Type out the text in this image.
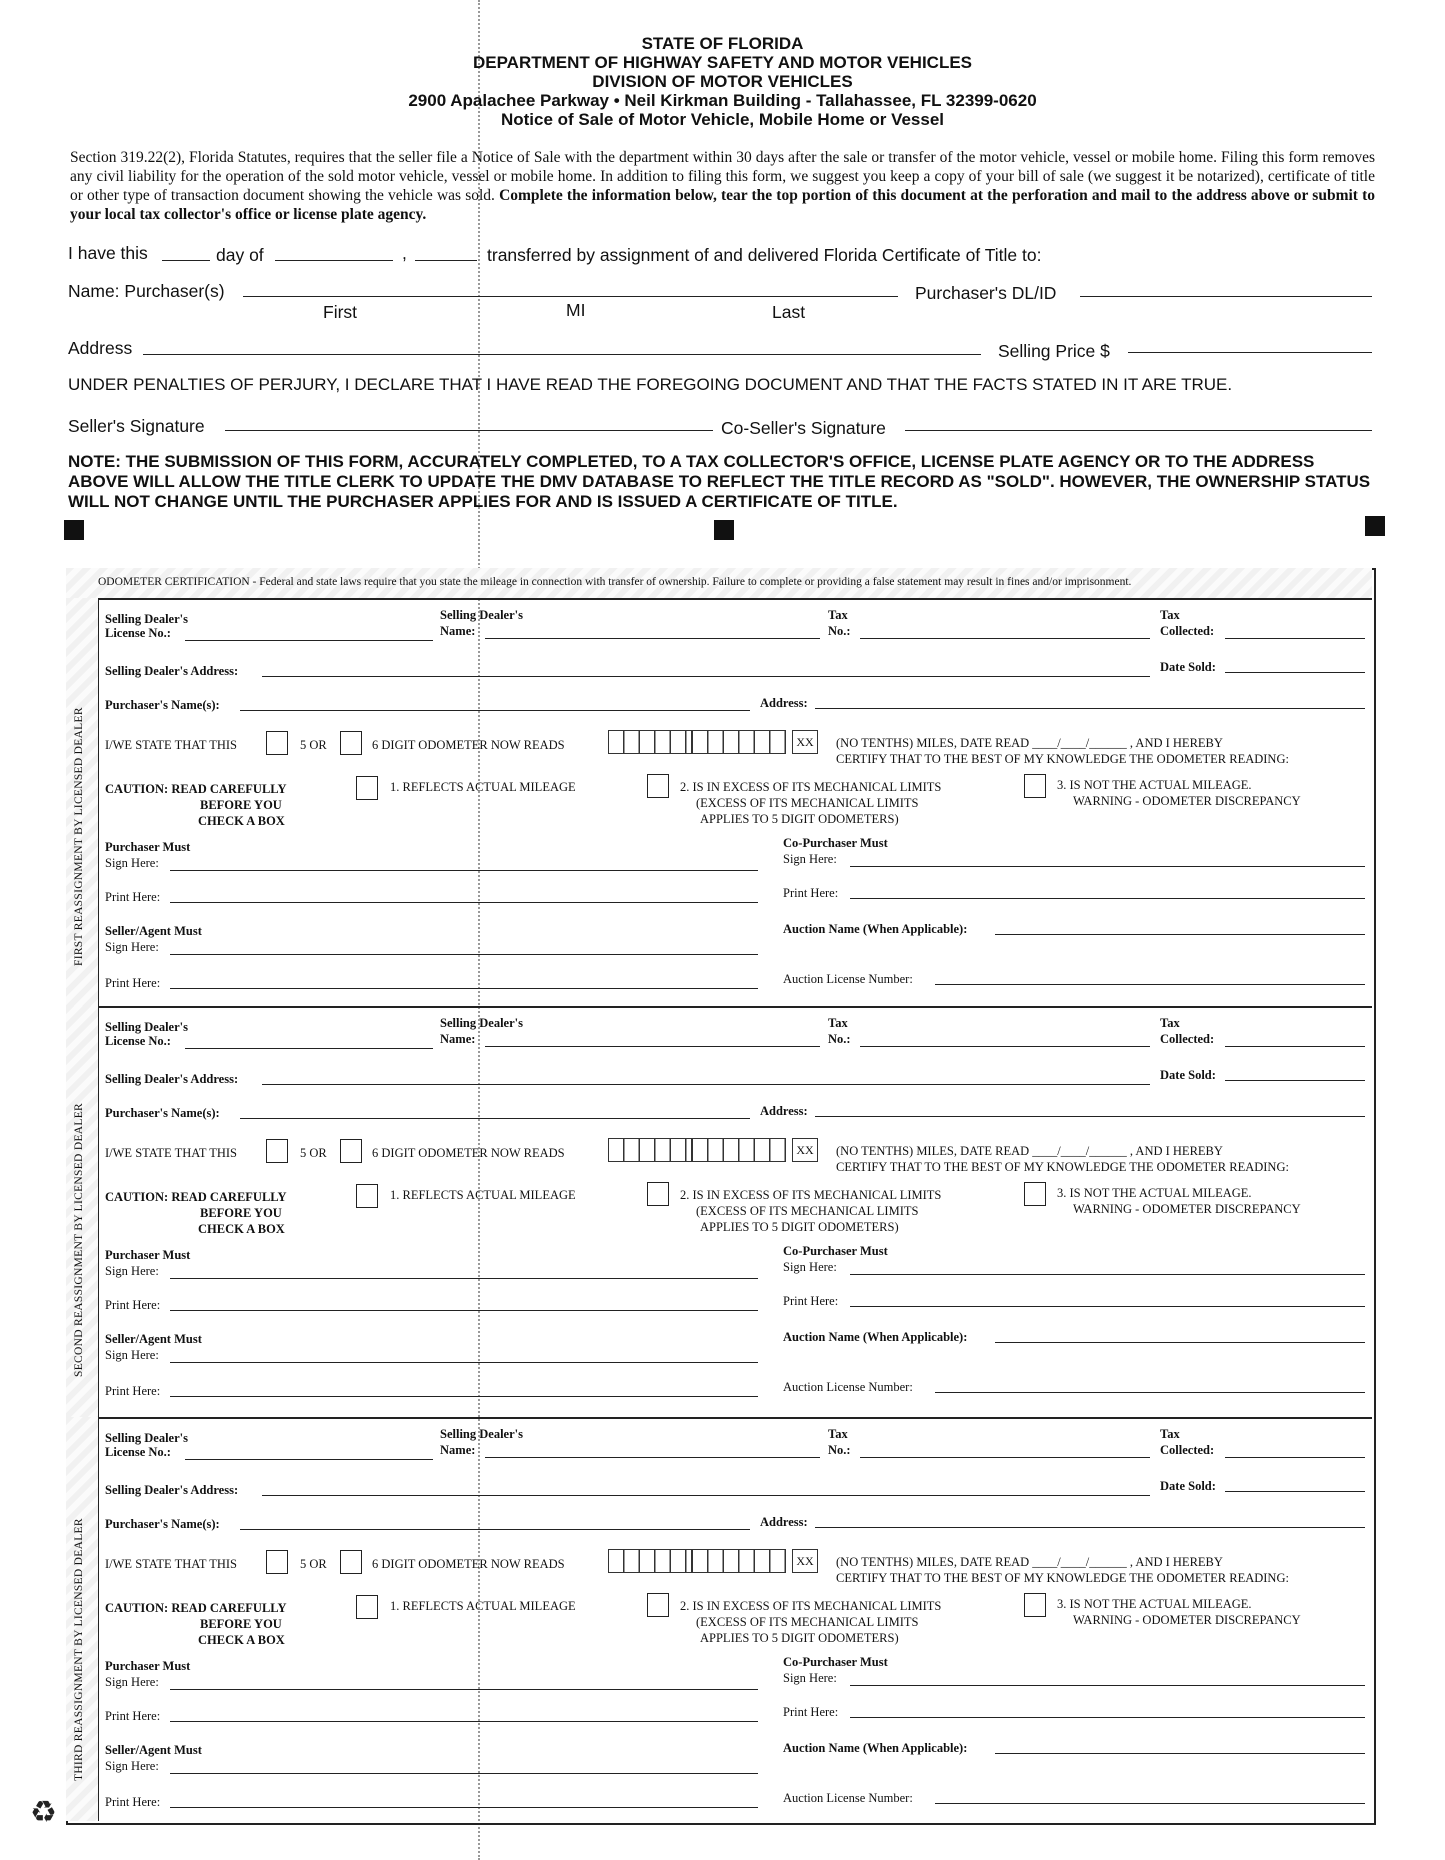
STATE OF FLORIDA
DEPARTMENT OF HIGHWAY SAFETY AND MOTOR VEHICLES
DIVISION OF MOTOR VEHICLES
2900 Apalachee Parkway • Neil Kirkman Building - Tallahassee, FL 32399-0620
Notice of Sale of Motor Vehicle, Mobile Home or Vessel
Section 319.22(2), Florida Statutes, requires that the seller file a Notice of Sale with the department within 30 days after the sale or transfer of the motor vehicle, vessel or mobile home. Filing this form removes any civil liability for the operation of the sold motor vehicle, vessel or mobile home. In addition to filing this form, we suggest you keep a copy of your bill of sale (we suggest it be notarized), certificate of title or other type of transaction document showing the vehicle was sold. Complete the information below, tear the top portion of this document at the perforation and mail to the address above or submit to your local tax collector's office or license plate agency.
I have this	day of	,	transferred by assignment of and delivered Florida Certificate of Title to:
Name: Purchaser(s)	Purchaser's DL/ID
First	MI	Last
Address	Selling Price $
UNDER PENALTIES OF PERJURY, I DECLARE THAT I HAVE READ THE FOREGOING DOCUMENT AND THAT THE FACTS STATED IN IT ARE TRUE.
Seller's Signature	Co-Seller's Signature
NOTE: THE SUBMISSION OF THIS FORM, ACCURATELY COMPLETED, TO A TAX COLLECTOR'S OFFICE, LICENSE PLATE AGENCY OR TO THE ADDRESS ABOVE WILL ALLOW THE TITLE CLERK TO UPDATE THE DMV DATABASE TO REFLECT THE TITLE RECORD AS "SOLD". HOWEVER, THE OWNERSHIP STATUS WILL NOT CHANGE UNTIL THE PURCHASER APPLIES FOR AND IS ISSUED A CERTIFICATE OF TITLE.
ODOMETER CERTIFICATION - Federal and state laws require that you state the mileage in connection with transfer of ownership. Failure to complete or providing a false statement may result in fines and/or imprisonment.
FIRST REASSIGNMENT BY LICENSED DEALER
Selling Dealer's
License No.:
Selling Dealer's
Name:
Tax
No.:
Tax
Collected:
Selling Dealer's Address:	Date Sold:
Purchaser's Name(s):	Address:
I/WE STATE THAT THIS	5 OR	6 DIGIT ODOMETER NOW READS	XX	(NO TENTHS) MILES, DATE READ ____/____/______ , AND I HEREBY
CERTIFY THAT TO THE BEST OF MY KNOWLEDGE THE ODOMETER READING:
CAUTION: READ CAREFULLY
BEFORE YOU
CHECK A BOX
1. REFLECTS ACTUAL MILEAGE	2. IS IN EXCESS OF ITS MECHANICAL LIMITS
(EXCESS OF ITS MECHANICAL LIMITS
APPLIES TO 5 DIGIT ODOMETERS)
3. IS NOT THE ACTUAL MILEAGE.
WARNING - ODOMETER DISCREPANCY
Purchaser Must
Sign Here:
Co-Purchaser Must
Sign Here:
Print Here:	Print Here:
Seller/Agent Must
Sign Here:
Auction Name (When Applicable):
Print Here:	Auction License Number:
SECOND REASSIGNMENT BY LICENSED DEALER
Selling Dealer's
License No.:
Selling Dealer's
Name:
Tax
No.:
Tax
Collected:
Selling Dealer's Address:	Date Sold:
Purchaser's Name(s):	Address:
I/WE STATE THAT THIS	5 OR	6 DIGIT ODOMETER NOW READS	XX	(NO TENTHS) MILES, DATE READ ____/____/______ , AND I HEREBY
CERTIFY THAT TO THE BEST OF MY KNOWLEDGE THE ODOMETER READING:
CAUTION: READ CAREFULLY
BEFORE YOU
CHECK A BOX
1. REFLECTS ACTUAL MILEAGE	2. IS IN EXCESS OF ITS MECHANICAL LIMITS
(EXCESS OF ITS MECHANICAL LIMITS
APPLIES TO 5 DIGIT ODOMETERS)
3. IS NOT THE ACTUAL MILEAGE.
WARNING - ODOMETER DISCREPANCY
Purchaser Must
Sign Here:
Co-Purchaser Must
Sign Here:
Print Here:	Print Here:
Seller/Agent Must
Sign Here:
Auction Name (When Applicable):
Print Here:	Auction License Number:
THIRD REASSIGNMENT BY LICENSED DEALER
Selling Dealer's
License No.:
Selling Dealer's
Name:
Tax
No.:
Tax
Collected:
Selling Dealer's Address:	Date Sold:
Purchaser's Name(s):	Address:
I/WE STATE THAT THIS	5 OR	6 DIGIT ODOMETER NOW READS	XX	(NO TENTHS) MILES, DATE READ ____/____/______ , AND I HEREBY
CERTIFY THAT TO THE BEST OF MY KNOWLEDGE THE ODOMETER READING:
CAUTION: READ CAREFULLY
BEFORE YOU
CHECK A BOX
1. REFLECTS ACTUAL MILEAGE	2. IS IN EXCESS OF ITS MECHANICAL LIMITS
(EXCESS OF ITS MECHANICAL LIMITS
APPLIES TO 5 DIGIT ODOMETERS)
3. IS NOT THE ACTUAL MILEAGE.
WARNING - ODOMETER DISCREPANCY
Purchaser Must
Sign Here:
Co-Purchaser Must
Sign Here:
Print Here:	Print Here:
Seller/Agent Must
Sign Here:
Auction Name (When Applicable):
Print Here:	Auction License Number:
♻
